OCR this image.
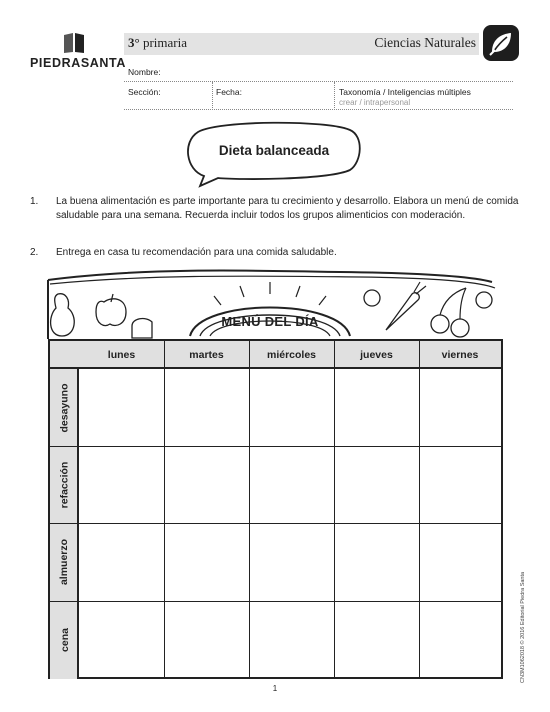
PIEDRASANTA
3° primaria	Ciencias Naturales
Nombre:
Sección:	Fecha:	Taxonomía / Inteligencias múltiples
crear / intrapersonal
Dieta balanceada
1. La buena alimentación es parte importante para tu crecimiento y desarrollo. Elabora un menú de comida saludable para una semana. Recuerda incluir todos los grupos alimenticios con moderación.
2. Entrega en casa tu recomendación para una comida saludable.
MENÚ DEL DÍA
lunes	martes	miércoles	jueves	viernes
desayuno
refacción
almuerzo
cena	CN3M1062018 © 2016 Editorial Piedra Santa
1
